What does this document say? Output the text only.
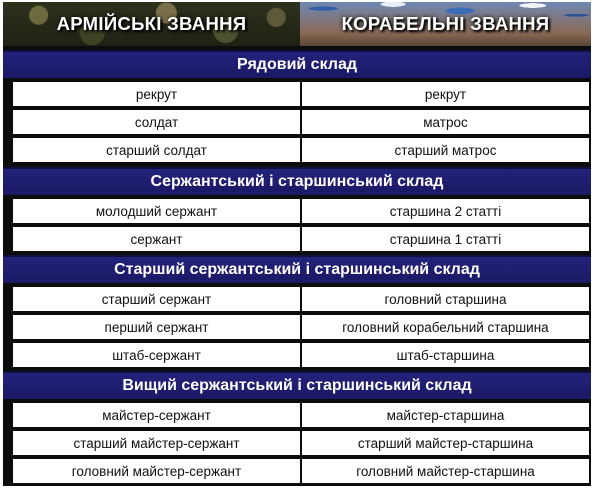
АРМІЙСЬКІ ЗВАННЯ	КОРАБЕЛЬНІ ЗВАННЯ
Рядовий склад
рекрут	рекрут
солдат	матрос
старший солдат	старший матрос
Сержантський і старшинський склад
молодший сержант	старшина 2 статті
сержант	старшина 1 статті
Старший сержантський і старшинський склад
старший сержант	головний старшина
перший сержант	головний корабельний старшина
штаб-сержант	штаб-старшина
Вищий сержантський і старшинський склад
майстер-сержант	майстер-старшина
старший майстер-сержант	старший майстер-старшина
головний майстер-сержант	головний майстер-старшина
